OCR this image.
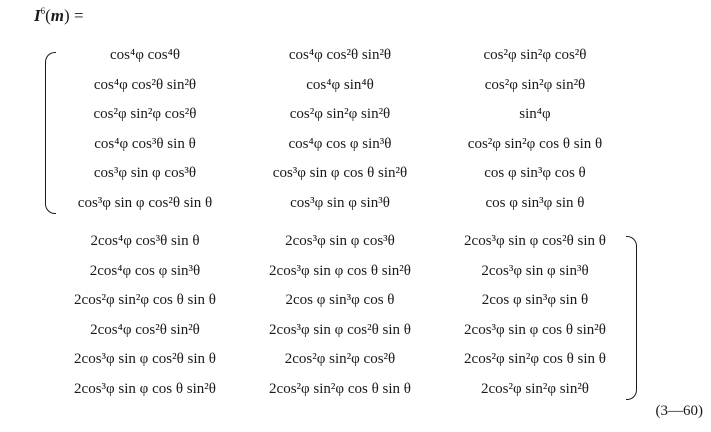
$I^6(m)$ =
cos⁴φ cos⁴θ	cos⁴φ cos²θ sin²θ	cos²φ sin²φ cos²θ
cos⁴φ cos²θ sin²θ	cos⁴φ sin⁴θ	cos²φ sin²φ sin²θ
cos²φ sin²φ cos²θ	cos²φ sin²φ sin²θ	sin⁴φ
cos⁴φ cos³θ sin θ	cos⁴φ cos φ sin³θ	cos²φ sin²φ cos θ sin θ
cos³φ sin φ cos³θ	cos³φ sin φ cos θ sin²θ	cos φ sin³φ cos θ
cos³φ sin φ cos²θ sin θ	cos³φ sin φ sin³θ	cos φ sin³φ sin θ
2cos⁴φ cos³θ sin θ	2cos³φ sin φ cos³θ	2cos³φ sin φ cos²θ sin θ
2cos⁴φ cos φ sin³θ	2cos³φ sin φ cos θ sin²θ	2cos³φ sin φ sin³θ
2cos²φ sin²φ cos θ sin θ	2cos φ sin³φ cos θ	2cos φ sin³φ sin θ
2cos⁴φ cos²θ sin²θ	2cos³φ sin φ cos²θ sin θ	2cos³φ sin φ cos θ sin²θ
2cos³φ sin φ cos²θ sin θ	2cos²φ sin²φ cos²θ	2cos²φ sin²φ cos θ sin θ
2cos³φ sin φ cos θ sin²θ	2cos²φ sin²φ cos θ sin θ	2cos²φ sin²φ sin²θ
(3—60)
